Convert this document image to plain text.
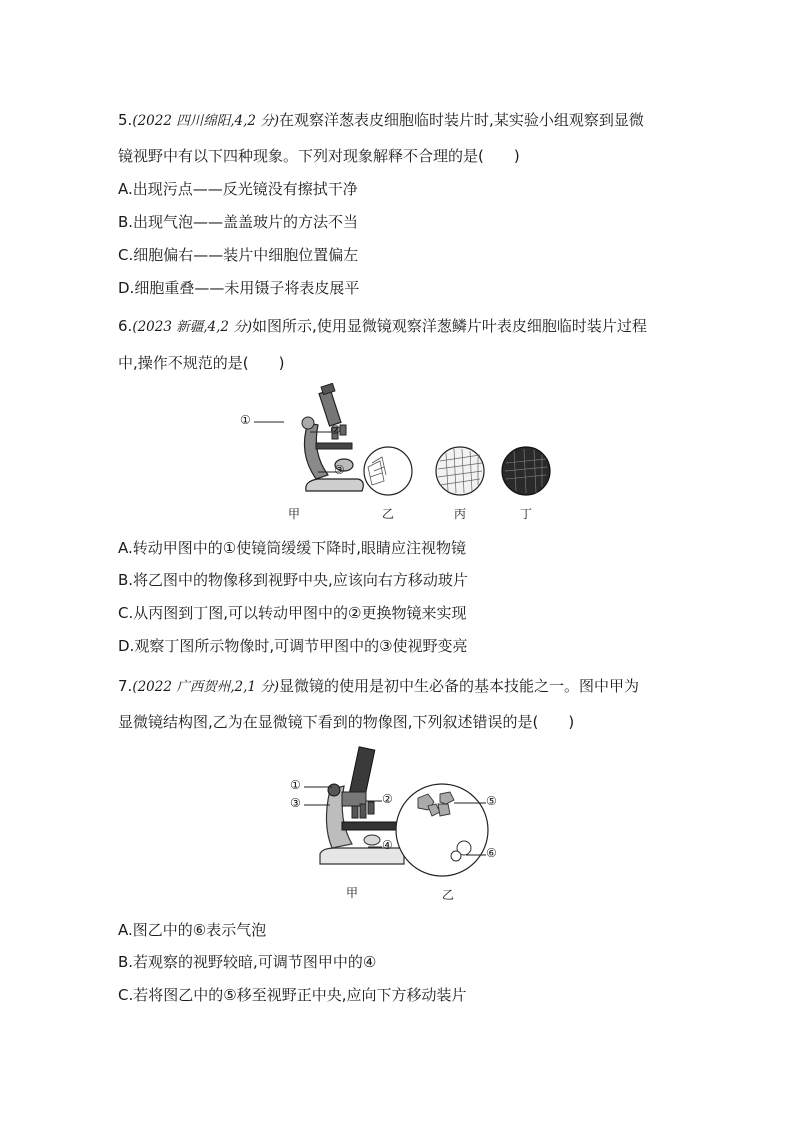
5.(2022 四川绵阳,4,2 分)在观察洋葱表皮细胞临时装片时,某实验小组观察到显微
镜视野中有以下四种现象。下列对现象解释不合理的是(　　)
A.出现污点——反光镜没有擦拭干净
B.出现气泡——盖盖玻片的方法不当
C.细胞偏右——装片中细胞位置偏左
D.细胞重叠——未用镊子将表皮展平
6.(2023 新疆,4,2 分)如图所示,使用显微镜观察洋葱鳞片叶表皮细胞临时装片过程
中,操作不规范的是(　　)
①
②
③
甲	乙	丙	丁
A.转动甲图中的①使镜筒缓缓下降时,眼睛应注视物镜
B.将乙图中的物像移到视野中央,应该向右方移动玻片
C.从丙图到丁图,可以转动甲图中的②更换物镜来实现
D.观察丁图所示物像时,可调节甲图中的③使视野变亮
7.(2022 广西贺州,2,1 分)显微镜的使用是初中生必备的基本技能之一。图中甲为
显微镜结构图,乙为在显微镜下看到的物像图,下列叙述错误的是(　　)
①
③	②
④
⑤
⑥
甲	乙
A.图乙中的⑥表示气泡
B.若观察的视野较暗,可调节图甲中的④
C.若将图乙中的⑤移至视野正中央,应向下方移动装片
